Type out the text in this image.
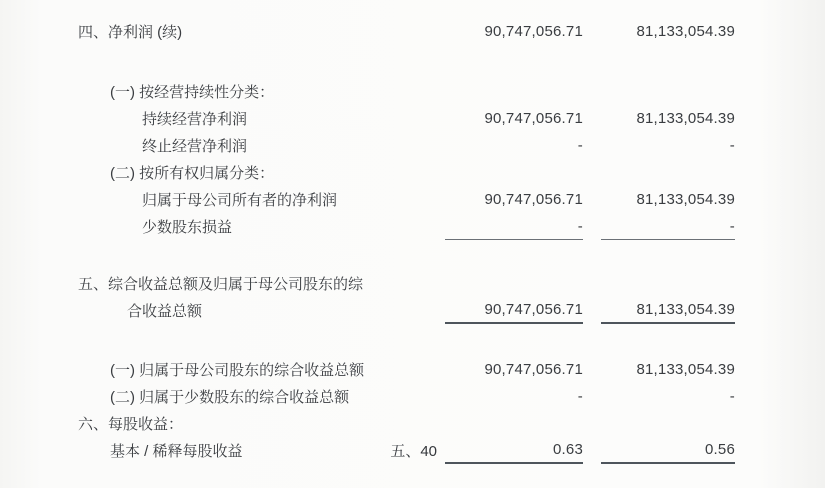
四、净利润 (续)	90,747,056.71	81,133,054.39
(一) 按经营持续性分类：
持续经营净利润	90,747,056.71	81,133,054.39
终止经营净利润	-	-
(二) 按所有权归属分类：
归属于母公司所有者的净利润	90,747,056.71	81,133,054.39
少数股东损益	-	-
五、综合收益总额及归属于母公司股东的综
合收益总额	90,747,056.71	81,133,054.39
(一) 归属于母公司股东的综合收益总额	90,747,056.71	81,133,054.39
(二) 归属于少数股东的综合收益总额	-	-
六、每股收益：
基本 / 稀释每股收益	五、40	0.63	0.56
